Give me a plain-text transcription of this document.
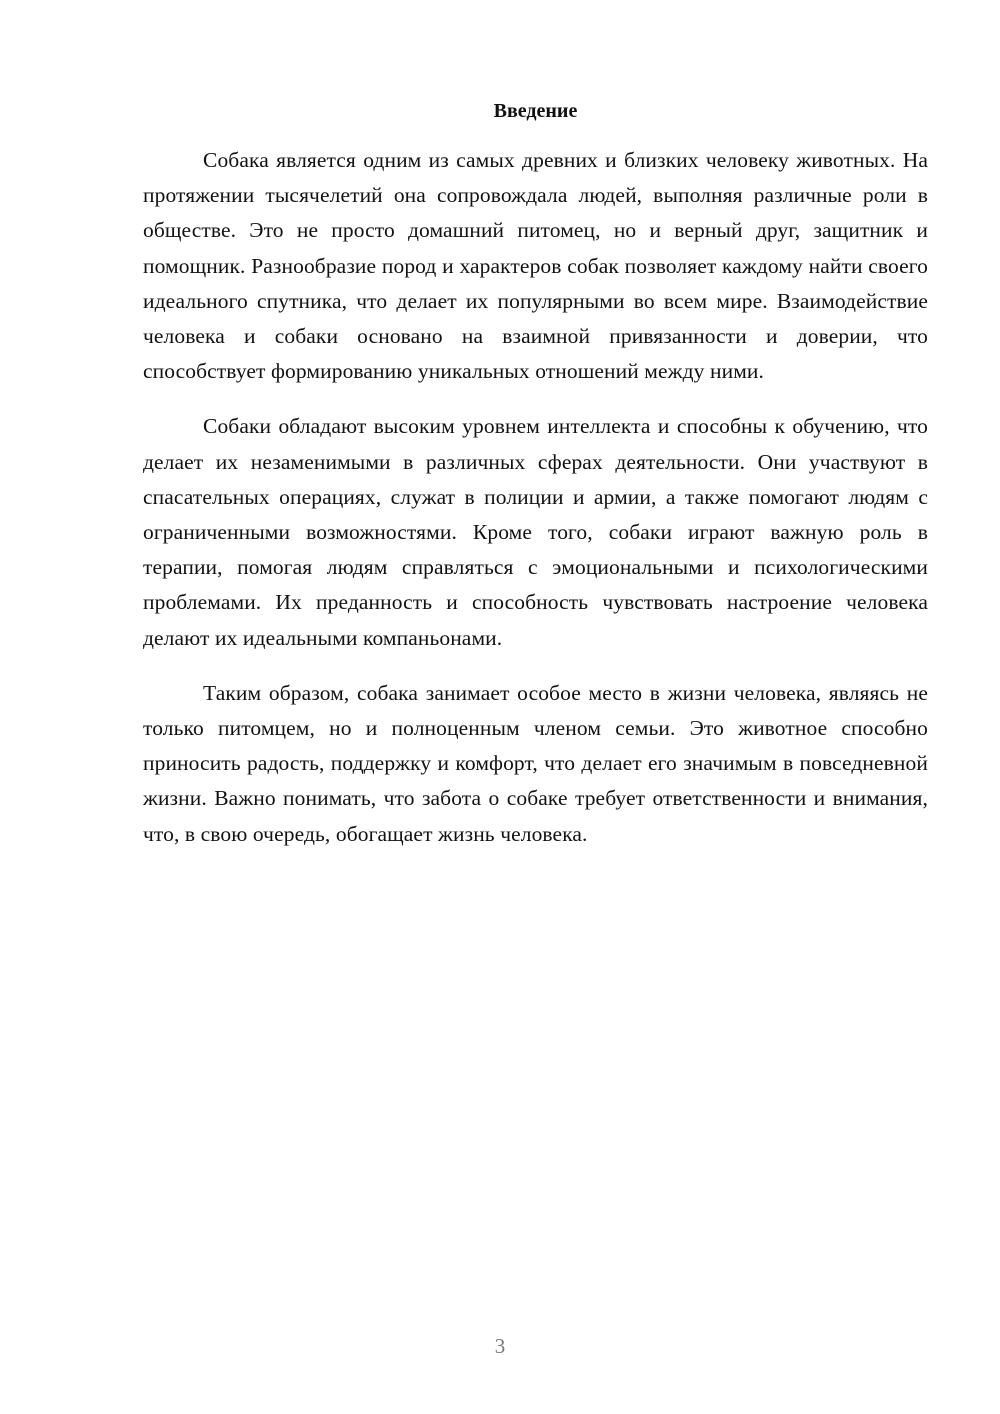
Введение

Собака является одним из самых древних и близких человеку животных. На протяжении тысячелетий она сопровождала людей, выполняя различные роли в обществе. Это не просто домашний питомец, но и верный друг, защитник и помощник. Разнообразие пород и характеров собак позволяет каждому найти своего идеального спутника, что делает их популярными во всем мире. Взаимодействие человека и собаки основано на взаимной привязанности и доверии, что способствует формированию уникальных отношений между ними.

Собаки обладают высоким уровнем интеллекта и способны к обучению, что делает их незаменимыми в различных сферах деятельности. Они участвуют в спасательных операциях, служат в полиции и армии, а также помогают людям с ограниченными возможностями. Кроме того, собаки играют важную роль в терапии, помогая людям справляться с эмоциональными и психологическими проблемами. Их преданность и способность чувствовать настроение человека делают их идеальными компаньонами.

Таким образом, собака занимает особое место в жизни человека, являясь не только питомцем, но и полноценным членом семьи. Это животное способно приносить радость, поддержку и комфорт, что делает его значимым в повседневной жизни. Важно понимать, что забота о собаке требует ответственности и внимания, что, в свою очередь, обогащает жизнь человека.

3
